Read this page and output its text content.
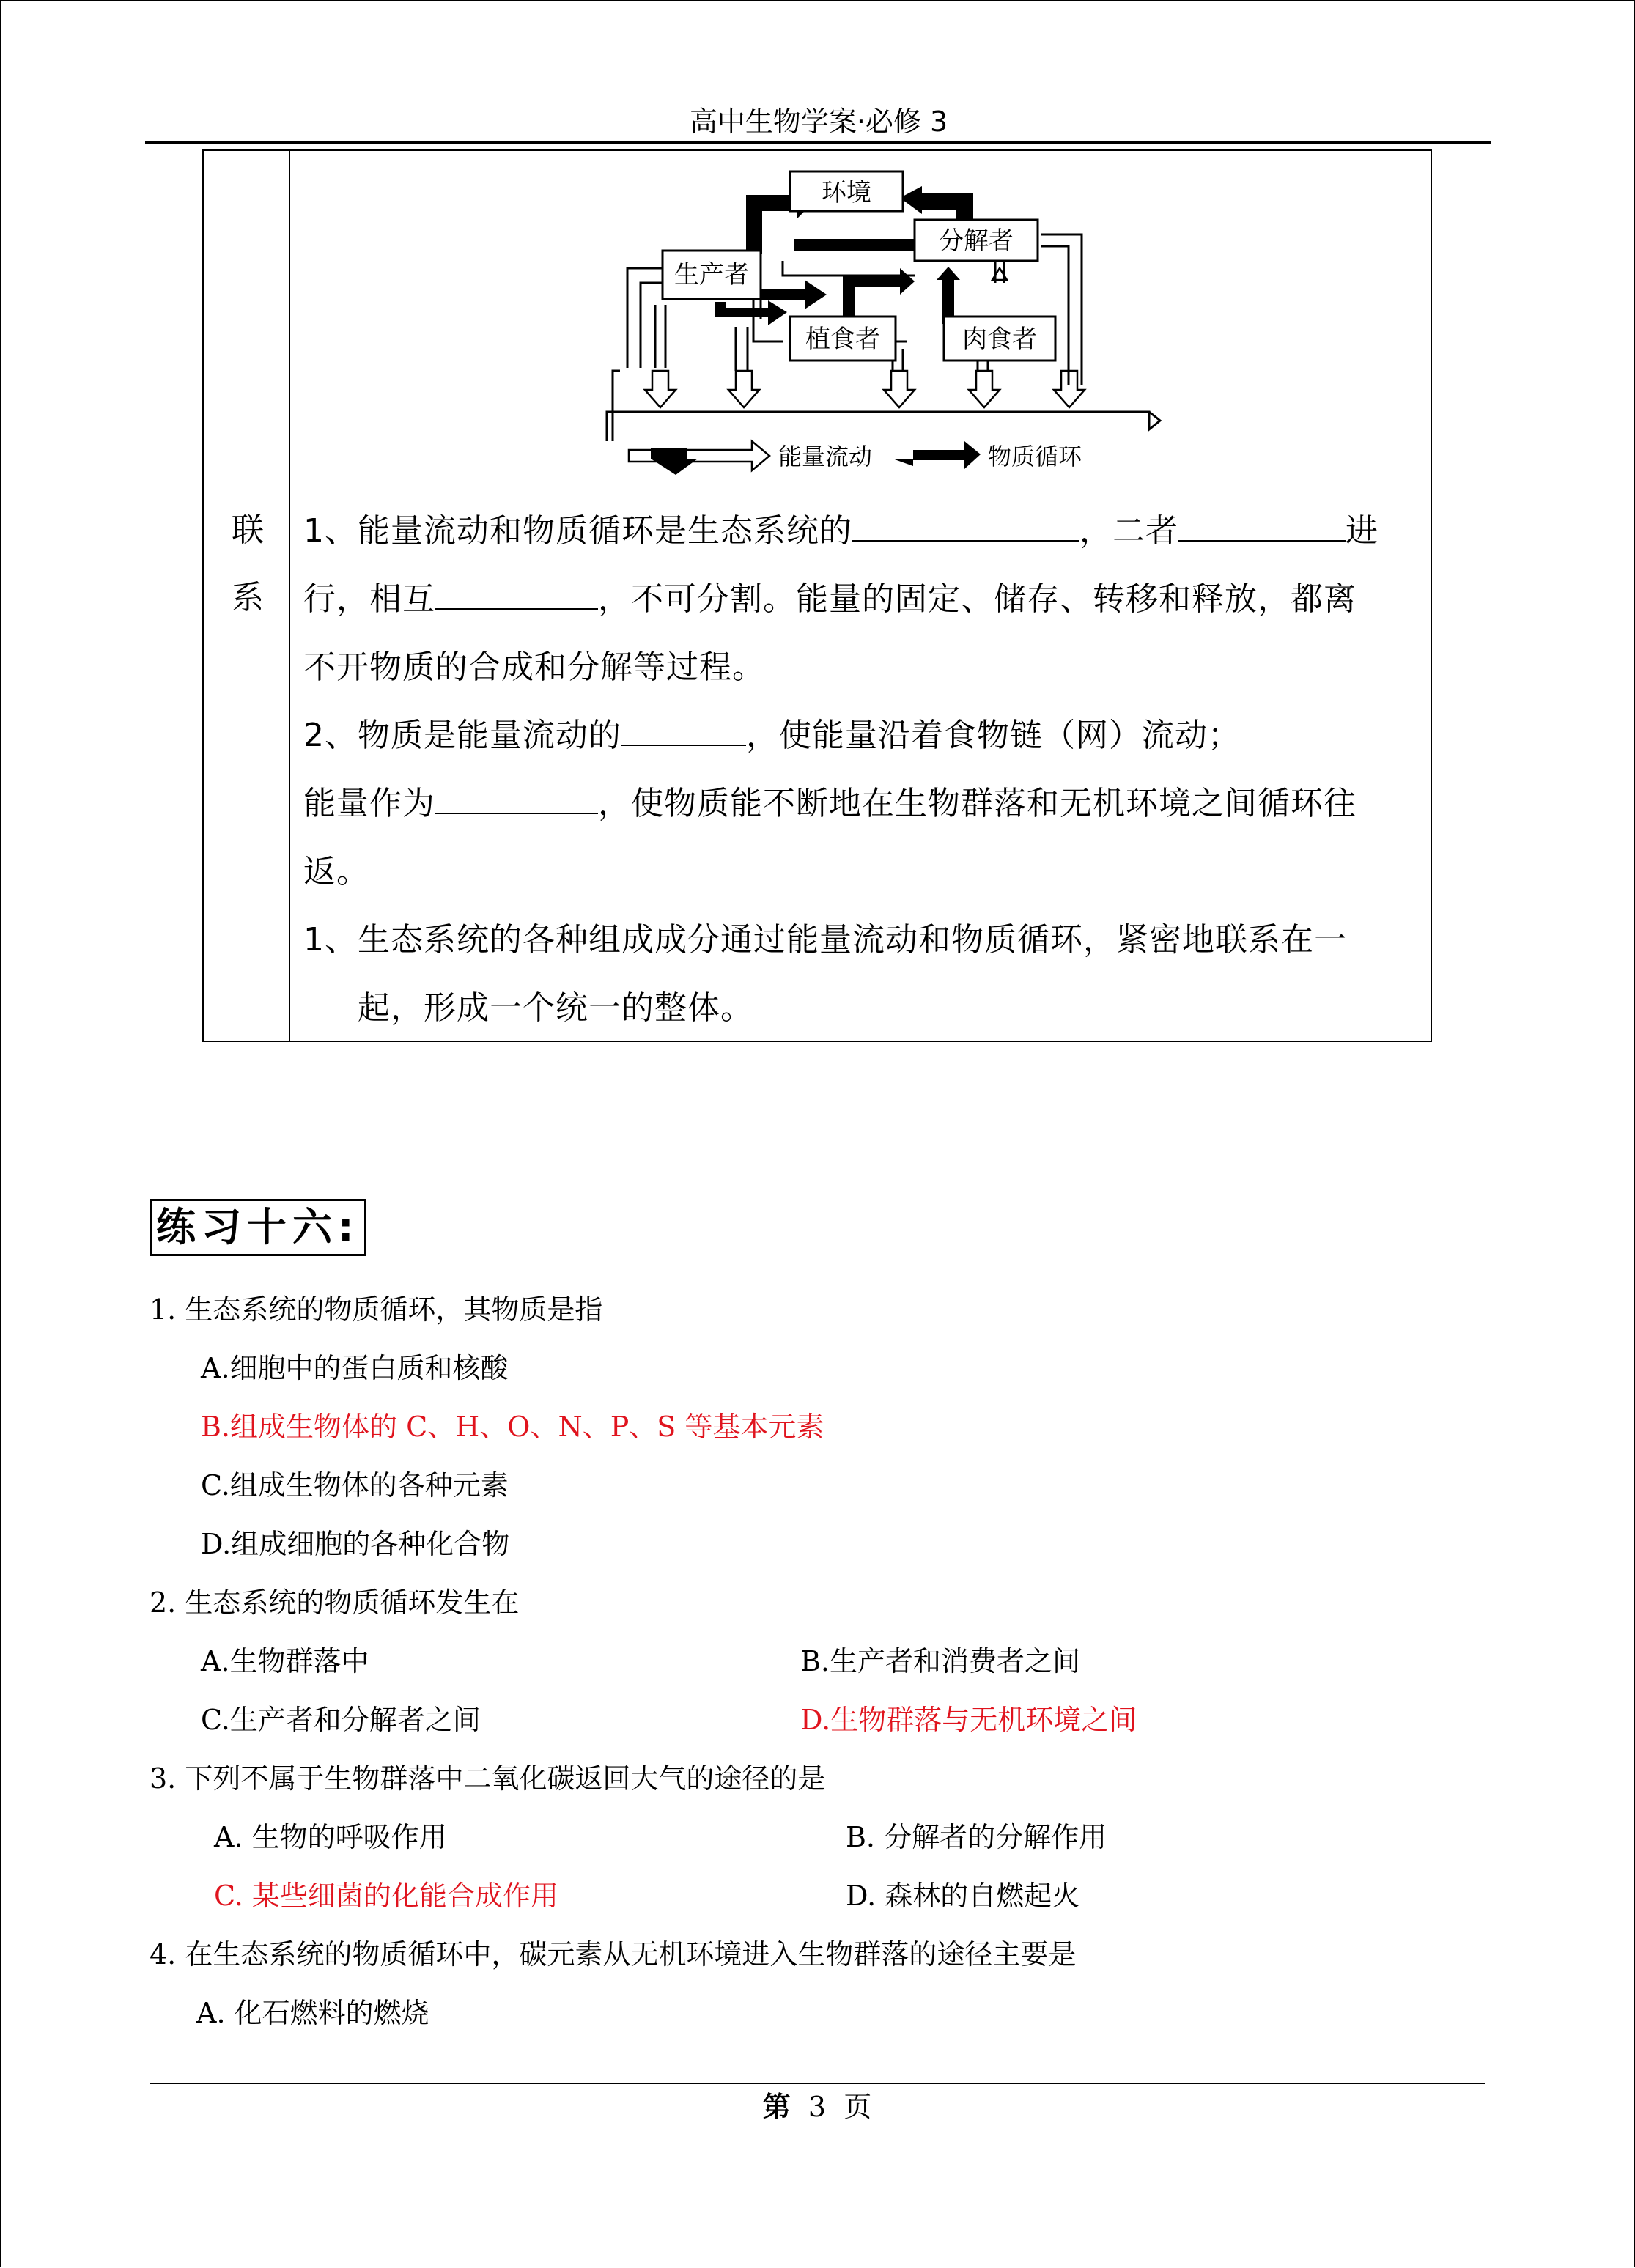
高中生物学案·必修 3
联
系
环境
分解者
生产者
植食者	肉食者
能量流动	物质循环
1、能量流动和物质循环是生态系统的	，二者	进
行，相互	，不可分割。能量的固定、储存、转移和释放，都离
不开物质的合成和分解等过程。
2、物质是能量流动的	，使能量沿着食物链（网）流动；
能量作为	，使物质能不断地在生物群落和无机环境之间循环往
返。
1、生态系统的各种组成成分通过能量流动和物质循环，紧密地联系在一
起，形成一个统一的整体。
练习十六:
1. 生态系统的物质循环，其物质是指
A.细胞中的蛋白质和核酸
B.组成生物体的 C、H、O、N、P、S 等基本元素
C.组成生物体的各种元素
D.组成细胞的各种化合物
2. 生态系统的物质循环发生在
A.生物群落中	B.生产者和消费者之间
C.生产者和分解者之间	D.生物群落与无机环境之间
3. 下列不属于生物群落中二氧化碳返回大气的途径的是
A. 生物的呼吸作用	B. 分解者的分解作用
C. 某些细菌的化能合成作用	D. 森林的自燃起火
4. 在生态系统的物质循环中，碳元素从无机环境进入生物群落的途径主要是
A. 化石燃料的燃烧
第 3 页
